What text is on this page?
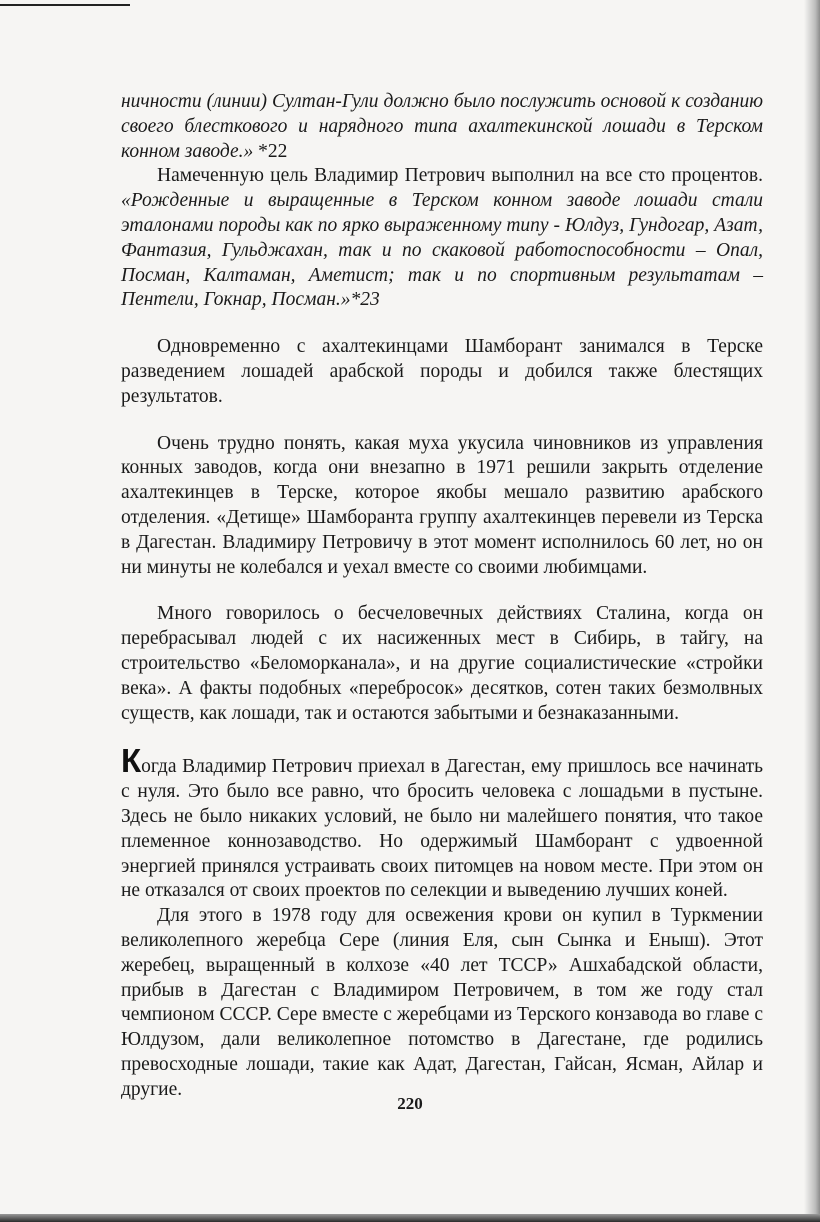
ничности (линии) Султан-Гули должно было послужить основой к созданию своего блесткового и нарядного типа ахалтекинской лошади в Терском конном заводе.» *22

Намеченную цель Владимир Петрович выполнил на все сто процентов. «Рожденные и выращенные в Терском конном заводе лошади стали эталонами породы как по ярко выраженному типу - Юлдуз, Гундогар, Азат, Фантазия, Гульджахан, так и по скаковой работоспособности – Опал, Посман, Калтаман, Аметист; так и по спортивным результатам – Пентели, Гокнар, Посман.»*23

Одновременно с ахалтекинцами Шамборант занимался в Терске разведением лошадей арабской породы и добился также блестящих результатов.

Очень трудно понять, какая муха укусила чиновников из управления конных заводов, когда они внезапно в 1971 решили закрыть отделение ахалтекинцев в Терске, которое якобы мешало развитию арабского отделения. «Детище» Шамборанта группу ахалтекинцев перевели из Терска в Дагестан. Владимиру Петровичу в этот момент исполнилось 60 лет, но он ни минуты не колебался и уехал вместе со своими любимцами.

Много говорилось о бесчеловечных действиях Сталина, когда он перебрасывал людей с их насиженных мест в Сибирь, в тайгу, на строительство «Беломорканала», и на другие социалистические «стройки века». А факты подобных «перебросок» десятков, сотен таких безмолвных существ, как лошади, так и остаются забытыми и безнаказанными.

Когда Владимир Петрович приехал в Дагестан, ему пришлось все начинать с нуля. Это было все равно, что бросить человека с лошадьми в пустыне. Здесь не было никаких условий, не было ни малейшего понятия, что такое племенное коннозаводство. Но одержимый Шамборант с удвоенной энергией принялся устраивать своих питомцев на новом месте. При этом он не отказался от своих проектов по селекции и выведению лучших коней.

Для этого в 1978 году для освежения крови он купил в Туркмении великолепного жеребца Сере (линия Еля, сын Сынка и Еныш). Этот жеребец, выращенный в колхозе «40 лет ТССР» Ашхабадской области, прибыв в Дагестан с Владимиром Петровичем, в том же году стал чемпионом СССР. Сере вместе с жеребцами из Терского конзавода во главе с Юлдузом, дали великолепное потомство в Дагестане, где родились превосходные лошади, такие как Адат, Дагестан, Гайсан, Ясман, Айлар и другие.

220
